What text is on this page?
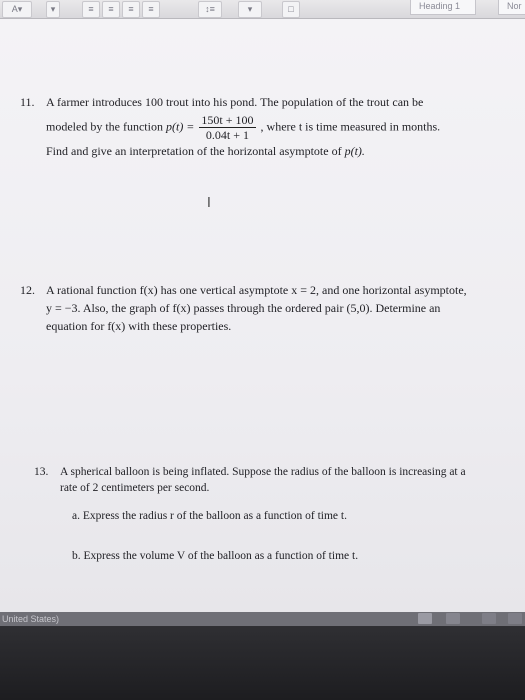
A▾	▾	≡	≡	≡	≡	↕≡	▾	□	Heading 1	Nor
11. A farmer introduces 100 trout into his pond. The population of the trout can be
modeled by the function $p(t) = \frac{150t + 100}{0.04t + 1}$ , where t is time measured in months.
Find and give an interpretation of the horizontal asymptote of p(t).
I
12. A rational function f(x) has one vertical asymptote x = 2, and one horizontal asymptote,
y = −3. Also, the graph of f(x) passes through the ordered pair (5,0). Determine an
equation for f(x) with these properties.
13. A spherical balloon is being inflated. Suppose the radius of the balloon is increasing at a
rate of 2 centimeters per second.
a. Express the radius r of the balloon as a function of time t.
b. Express the volume V of the balloon as a function of time t.
United States)
